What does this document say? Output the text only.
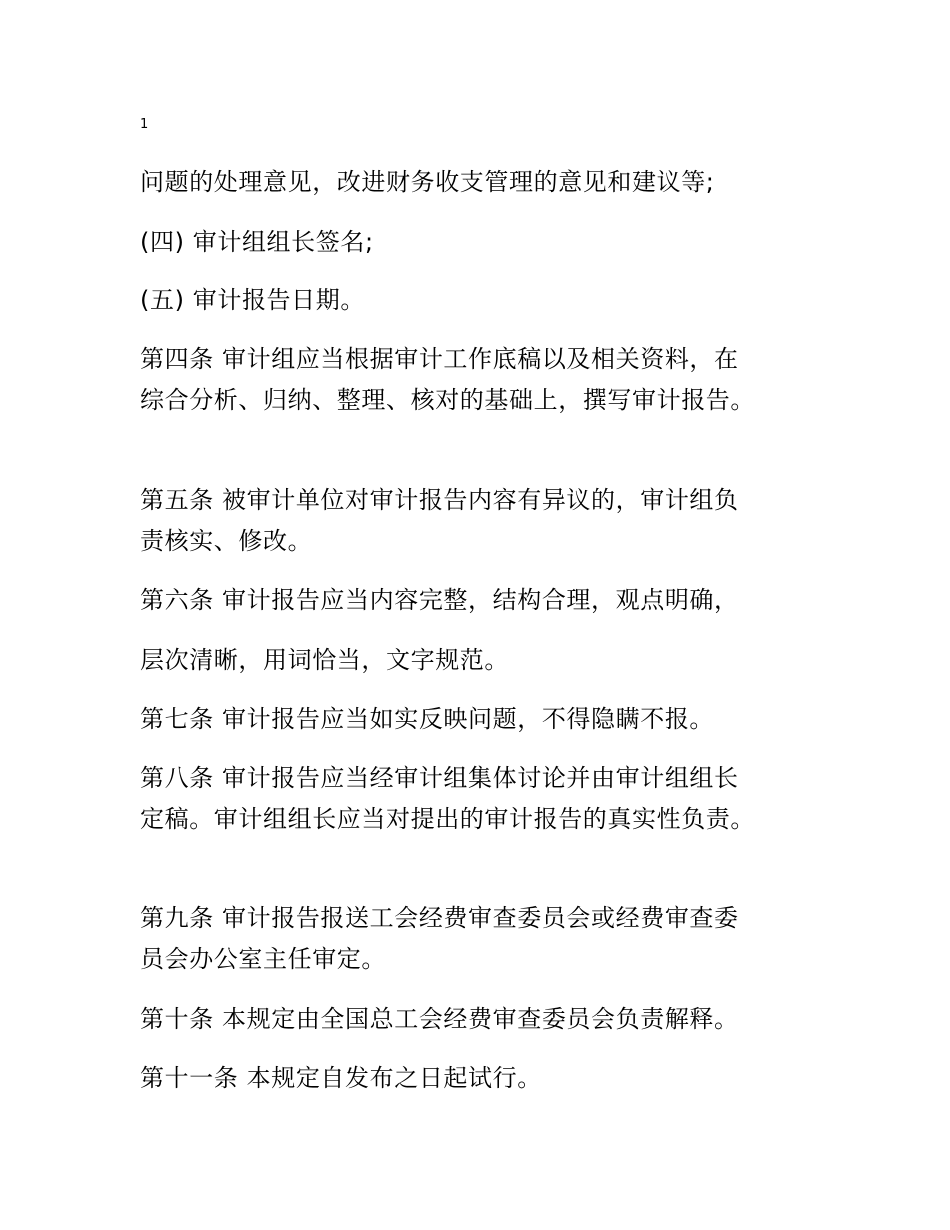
1
问题的处理意见，改进财务收支管理的意见和建议等;
(四) 审计组组长签名;
(五) 审计报告日期。
第四条 审计组应当根据审计工作底稿以及相关资料，在
综合分析、归纳、整理、核对的基础上，撰写审计报告。
第五条 被审计单位对审计报告内容有异议的，审计组负
责核实、修改。
第六条 审计报告应当内容完整，结构合理，观点明确，
层次清晰，用词恰当，文字规范。
第七条 审计报告应当如实反映问题，不得隐瞒不报。
第八条 审计报告应当经审计组集体讨论并由审计组组长
定稿。审计组组长应当对提出的审计报告的真实性负责。
第九条 审计报告报送工会经费审查委员会或经费审查委
员会办公室主任审定。
第十条 本规定由全国总工会经费审查委员会负责解释。
第十一条 本规定自发布之日起试行。
